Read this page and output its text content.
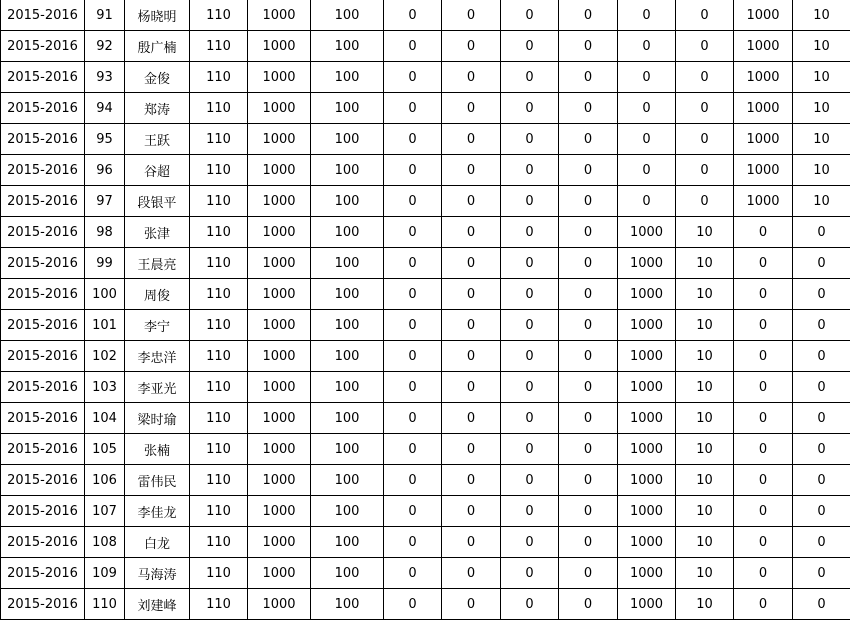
2015-2016	91	杨晓明	110	1000	100	0	0	0	0	0	0	1000	10
2015-2016	92	殷广楠	110	1000	100	0	0	0	0	0	0	1000	10
2015-2016	93	金俊	110	1000	100	0	0	0	0	0	0	1000	10
2015-2016	94	郑涛	110	1000	100	0	0	0	0	0	0	1000	10
2015-2016	95	王跃	110	1000	100	0	0	0	0	0	0	1000	10
2015-2016	96	谷超	110	1000	100	0	0	0	0	0	0	1000	10
2015-2016	97	段银平	110	1000	100	0	0	0	0	0	0	1000	10
2015-2016	98	张津	110	1000	100	0	0	0	0	1000	10	0	0
2015-2016	99	王晨亮	110	1000	100	0	0	0	0	1000	10	0	0
2015-2016	100	周俊	110	1000	100	0	0	0	0	1000	10	0	0
2015-2016	101	李宁	110	1000	100	0	0	0	0	1000	10	0	0
2015-2016	102	李忠洋	110	1000	100	0	0	0	0	1000	10	0	0
2015-2016	103	李亚光	110	1000	100	0	0	0	0	1000	10	0	0
2015-2016	104	梁时瑜	110	1000	100	0	0	0	0	1000	10	0	0
2015-2016	105	张楠	110	1000	100	0	0	0	0	1000	10	0	0
2015-2016	106	雷伟民	110	1000	100	0	0	0	0	1000	10	0	0
2015-2016	107	李佳龙	110	1000	100	0	0	0	0	1000	10	0	0
2015-2016	108	白龙	110	1000	100	0	0	0	0	1000	10	0	0
2015-2016	109	马海涛	110	1000	100	0	0	0	0	1000	10	0	0
2015-2016	110	刘建峰	110	1000	100	0	0	0	0	1000	10	0	0
